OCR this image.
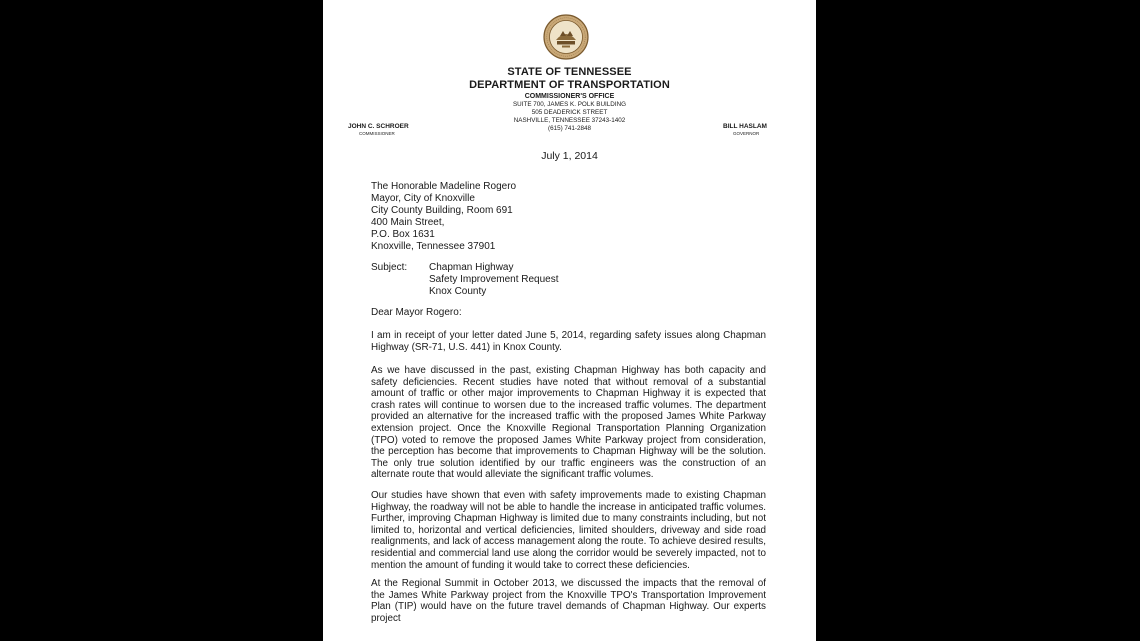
STATE OF TENNESSEE
DEPARTMENT OF TRANSPORTATION
COMMISSIONER'S OFFICE
SUITE 700, JAMES K. POLK BUILDING
505 DEADERICK STREET
NASHVILLE, TENNESSEE 37243-1402
(615) 741-2848
JOHN C. SCHROER
COMMISSIONER
BILL HASLAM
GOVERNOR
July 1, 2014
The Honorable Madeline Rogero
Mayor, City of Knoxville
City County Building, Room 691
400 Main Street,
P.O. Box 1631
Knoxville, Tennessee 37901
Subject: Chapman Highway
Safety Improvement Request
Knox County
Dear Mayor Rogero:
I am in receipt of your letter dated June 5, 2014, regarding safety issues along Chapman Highway (SR-71, U.S. 441) in Knox County.
As we have discussed in the past, existing Chapman Highway has both capacity and safety deficiencies. Recent studies have noted that without removal of a substantial amount of traffic or other major improvements to Chapman Highway it is expected that crash rates will continue to worsen due to the increased traffic volumes. The department provided an alternative for the increased traffic with the proposed James White Parkway extension project. Once the Knoxville Regional Transportation Planning Organization (TPO) voted to remove the proposed James White Parkway project from consideration, the perception has become that improvements to Chapman Highway will be the solution. The only true solution identified by our traffic engineers was the construction of an alternate route that would alleviate the significant traffic volumes.
Our studies have shown that even with safety improvements made to existing Chapman Highway, the roadway will not be able to handle the increase in anticipated traffic volumes. Further, improving Chapman Highway is limited due to many constraints including, but not limited to, horizontal and vertical deficiencies, limited shoulders, driveway and side road realignments, and lack of access management along the route. To achieve desired results, residential and commercial land use along the corridor would be severely impacted, not to mention the amount of funding it would take to correct these deficiencies.
At the Regional Summit in October 2013, we discussed the impacts that the removal of the James White Parkway project from the Knoxville TPO's Transportation Improvement Plan (TIP) would have on the future travel demands of Chapman Highway. Our experts project
